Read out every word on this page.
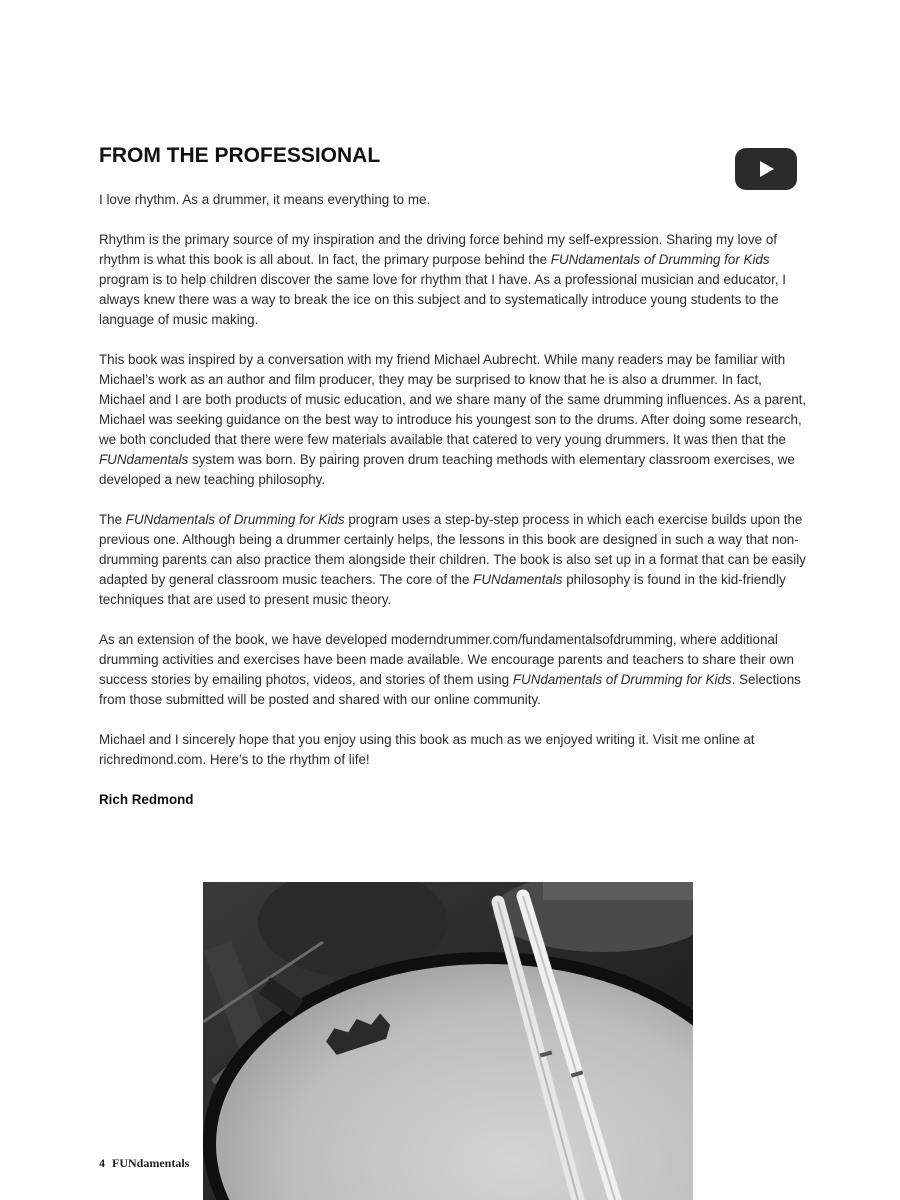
FROM THE PROFESSIONAL

I love rhythm. As a drummer, it means everything to me.

Rhythm is the primary source of my inspiration and the driving force behind my self-expression. Sharing my love of rhythm is what this book is all about. In fact, the primary purpose behind the FUNdamentals of Drumming for Kids program is to help children discover the same love for rhythm that I have. As a professional musician and educator, I always knew there was a way to break the ice on this subject and to systematically introduce young students to the language of music making.

This book was inspired by a conversation with my friend Michael Aubrecht. While many readers may be familiar with Michael’s work as an author and film producer, they may be surprised to know that he is also a drummer. In fact, Michael and I are both products of music education, and we share many of the same drumming influences. As a parent, Michael was seeking guidance on the best way to introduce his youngest son to the drums. After doing some research, we both concluded that there were few materials available that catered to very young drummers. It was then that the FUNdamentals system was born. By pairing proven drum teaching methods with elementary classroom exercises, we developed a new teaching philosophy.

The FUNdamentals of Drumming for Kids program uses a step-by-step process in which each exercise builds upon the previous one. Although being a drummer certainly helps, the lessons in this book are designed in such a way that non-drumming parents can also practice them alongside their children. The book is also set up in a format that can be easily adapted by general classroom music teachers. The core of the FUNdamentals philosophy is found in the kid-friendly techniques that are used to present music theory.

As an extension of the book, we have developed moderndrummer.com/fundamentalsofdrumming, where additional drumming activities and exercises have been made available. We encourage parents and teachers to share their own success stories by emailing photos, videos, and stories of them using FUNdamentals of Drumming for Kids. Selections from those submitted will be posted and shared with our online community.

Michael and I sincerely hope that you enjoy using this book as much as we enjoyed writing it. Visit me online at richredmond.com. Here’s to the rhythm of life!

Rich Redmond

4 FUNdamentals
